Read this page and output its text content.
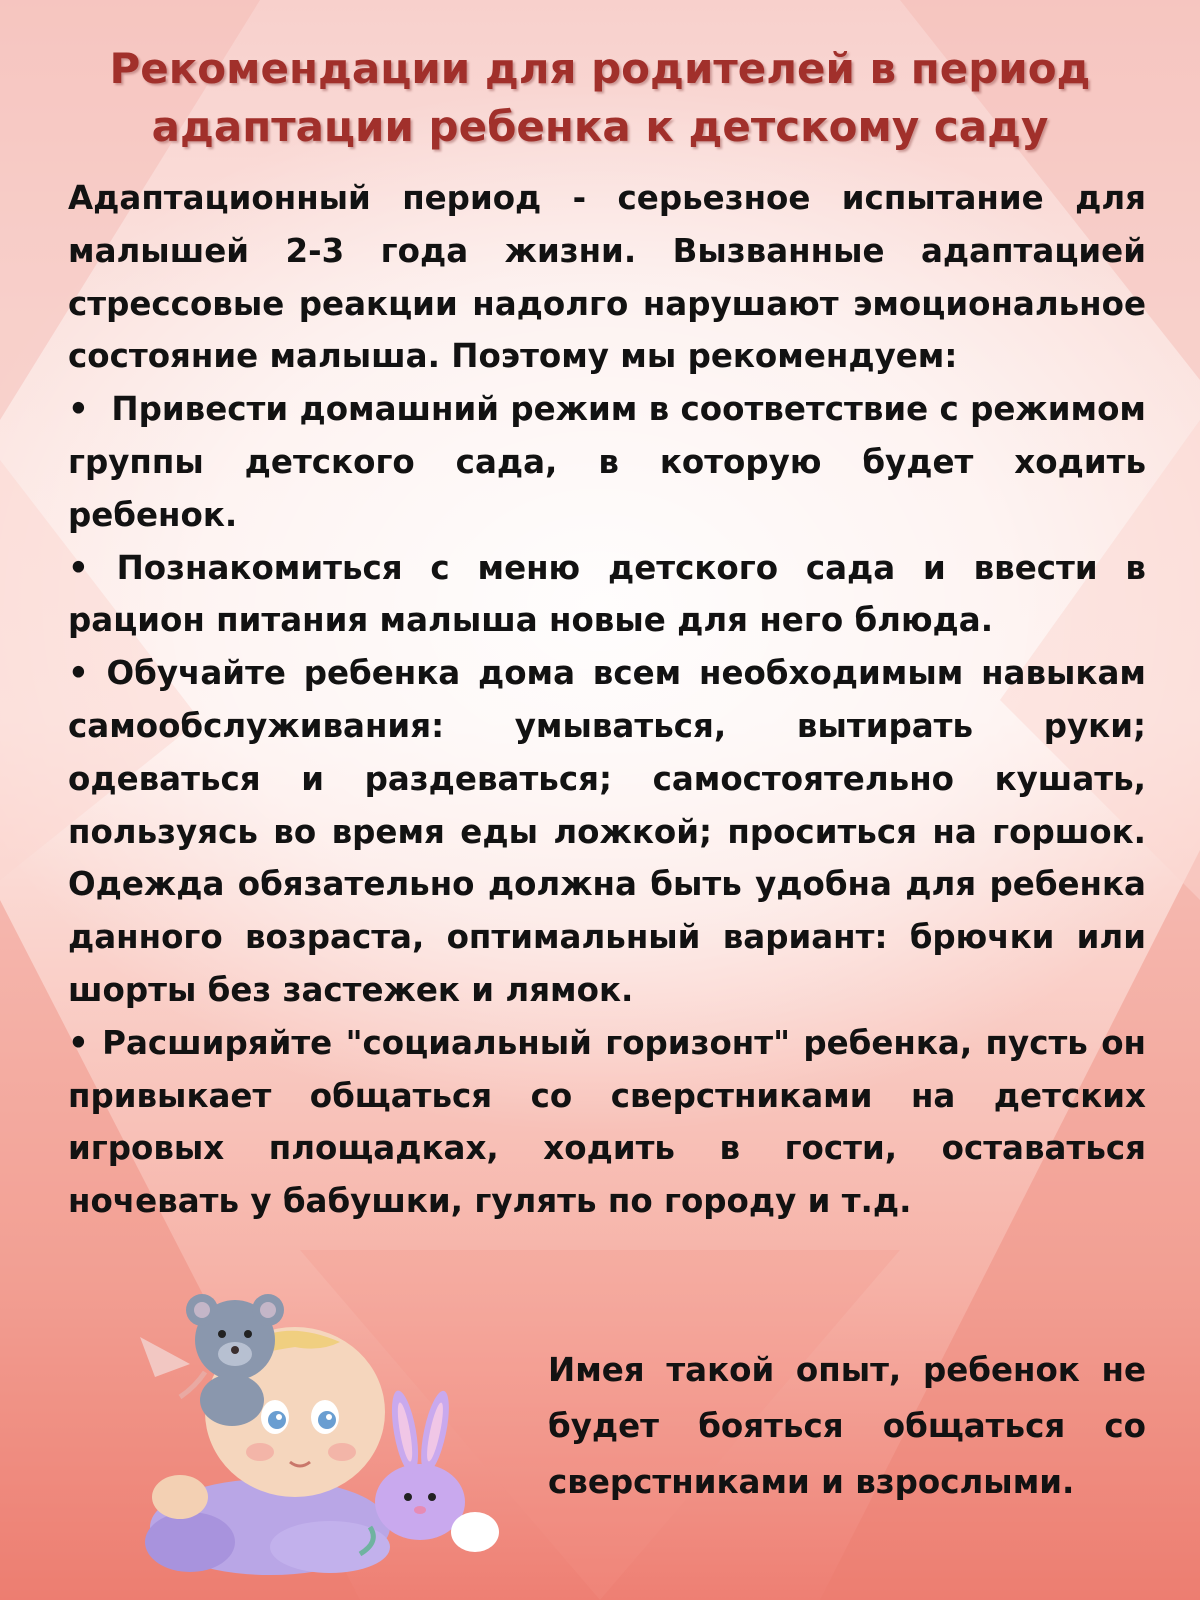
Рекомендации для родителей в период
адаптации ребенка к детскому саду

Адаптационный период - серьезное испытание для малышей 2-3 года жизни. Вызванные адаптацией стрессовые реакции надолго нарушают эмоциональное состояние малыша. Поэтому мы рекомендуем:

• Привести домашний режим в соответствие с режимом группы детского сада, в которую будет ходить ребенок.

• Познакомиться с меню детского сада и ввести в рацион питания малыша новые для него блюда.

• Обучайте ребенка дома всем необходимым навыкам самообслуживания: умываться, вытирать руки; одеваться и раздеваться; самостоятельно кушать, пользуясь во время еды ложкой; проситься на горшок. Одежда обязательно должна быть удобна для ребенка данного возраста, оптимальный вариант: брючки или шорты без застежек и лямок.

• Расширяйте "социальный горизонт" ребенка, пусть он привыкает общаться со сверстниками на детских игровых площадках, ходить в гости, оставаться ночевать у бабушки, гулять по городу и т.д.

Имея такой опыт, ребенок не будет бояться общаться со сверстниками и взрослыми.
